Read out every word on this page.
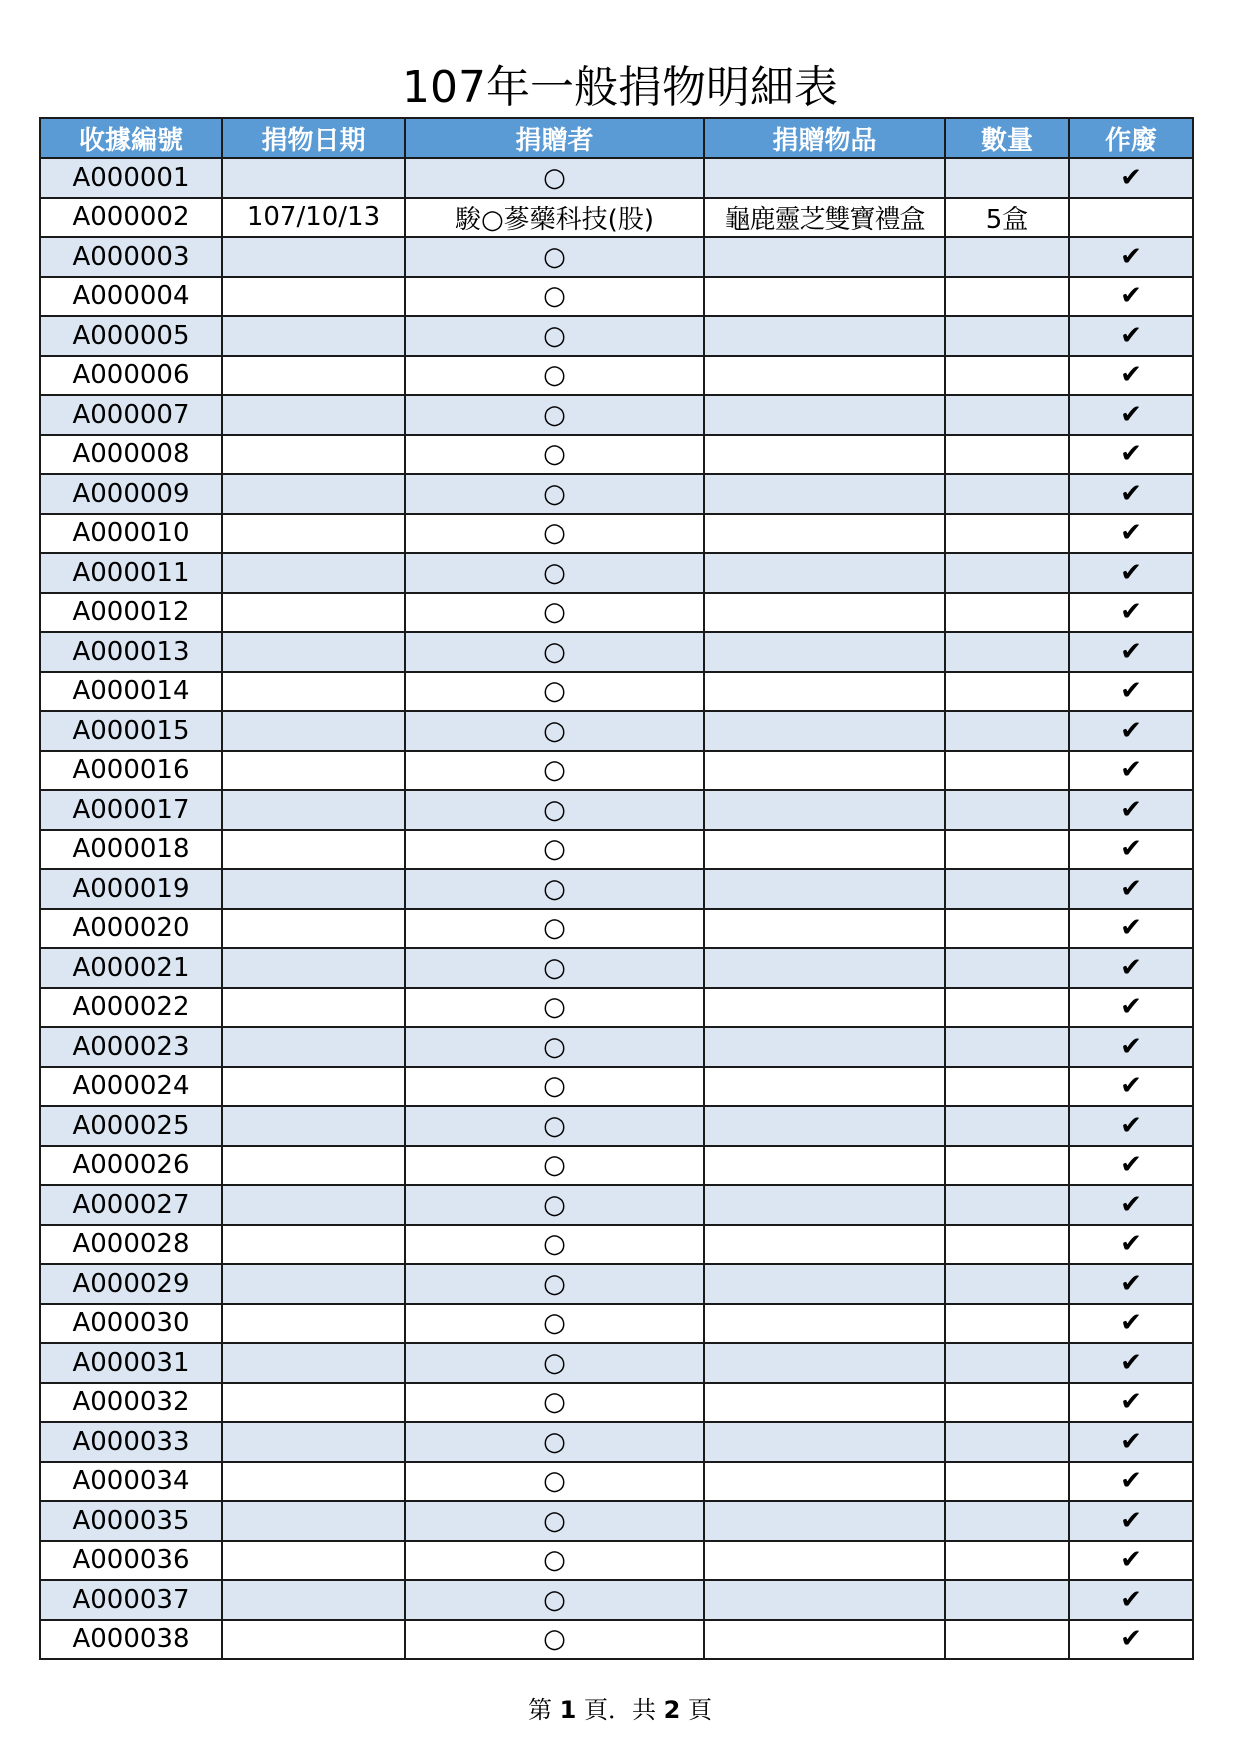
107年一般捐物明細表
收據編號	捐物日期	捐贈者	捐贈物品	數量	作廢
A000001		○			✔
A000002	107/10/13	駿○蔘藥科技(股)	龜鹿靈芝雙寶禮盒	5盒	
A000003		○			✔
A000004		○			✔
A000005		○			✔
A000006		○			✔
A000007		○			✔
A000008		○			✔
A000009		○			✔
A000010		○			✔
A000011		○			✔
A000012		○			✔
A000013		○			✔
A000014		○			✔
A000015		○			✔
A000016		○			✔
A000017		○			✔
A000018		○			✔
A000019		○			✔
A000020		○			✔
A000021		○			✔
A000022		○			✔
A000023		○			✔
A000024		○			✔
A000025		○			✔
A000026		○			✔
A000027		○			✔
A000028		○			✔
A000029		○			✔
A000030		○			✔
A000031		○			✔
A000032		○			✔
A000033		○			✔
A000034		○			✔
A000035		○			✔
A000036		○			✔
A000037		○			✔
A000038		○			✔
第 1 頁．共 2 頁
